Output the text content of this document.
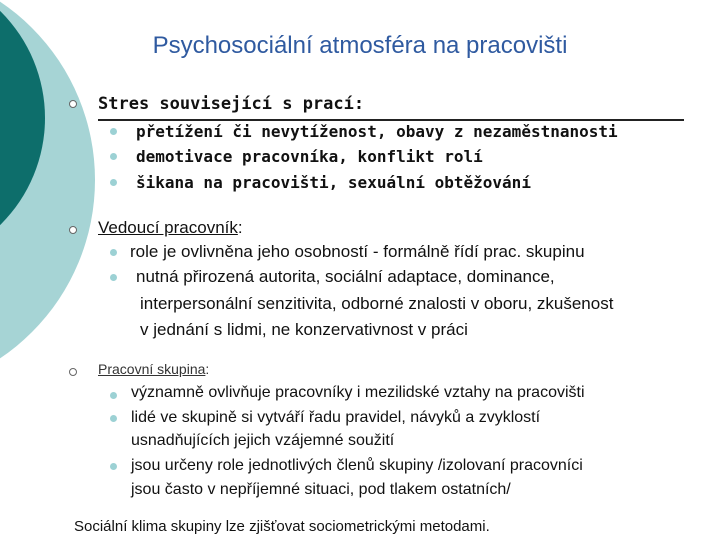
Psychosociální atmosféra na pracovišti
Stres související s prací:
přetížení či nevytíženost, obavy z nezaměstnanosti
demotivace pracovníka, konflikt rolí
šikana na pracovišti, sexuální obtěžování
Vedoucí pracovník:
role je ovlivněna jeho osobností - formálně řídí prac. skupinu
nutná přirozená autorita, sociální adaptace, dominance,
interpersonální senzitivita, odborné znalosti v oboru, zkušenost
v jednání s lidmi, ne konzervativnost v práci
Pracovní skupina:
významně ovlivňuje pracovníky i mezilidské vztahy na pracovišti
lidé ve skupině si vytváří řadu pravidel, návyků a zvyklostí
usnadňujících jejich vzájemné soužití
jsou určeny role jednotlivých členů skupiny /izolovaní pracovníci
jsou často v nepříjemné situaci, pod tlakem ostatních/
Sociální klima skupiny lze zjišťovat sociometrickými metodami.
